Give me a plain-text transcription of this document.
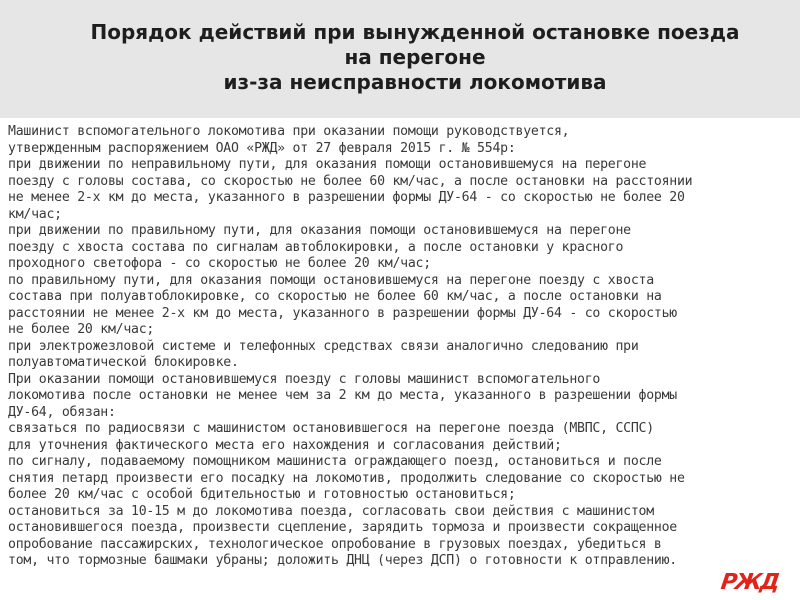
Порядок действий при вынужденной остановке поезда
на перегоне
из-за неисправности локомотива
Машинист вспомогательного локомотива при оказании помощи руководствуется,
утвержденным распоряжением ОАО «РЖД» от 27 февраля 2015 г. № 554р:
при движении по неправильному пути, для оказания помощи остановившемуся на перегоне
поезду с головы состава, со скоростью не более 60 км/час, а после остановки на расстоянии
не менее 2-х км до места, указанного в разрешении формы ДУ-64 - со скоростью не более 20
км/час;
при движении по правильному пути, для оказания помощи остановившемуся на перегоне
поезду с хвоста состава по сигналам автоблокировки, а после остановки у красного
проходного светофора - со скоростью не более 20 км/час;
по правильному пути, для оказания помощи остановившемуся на перегоне поезду с хвоста
состава при полуавтоблокировке, со скоростью не более 60 км/час, а после остановки на
расстоянии не менее 2-х км до места, указанного в разрешении формы ДУ-64 - со скоростью
не более 20 км/час;
при электрожезловой системе и телефонных средствах связи аналогично следованию при
полуавтоматической блокировке.
При оказании помощи остановившемуся поезду с головы машинист вспомогательного
локомотива после остановки не менее чем за 2 км до места, указанного в разрешении формы
ДУ-64, обязан:
связаться по радиосвязи с машинистом остановившегося на перегоне поезда (МВПС, ССПС)
для уточнения фактического места его нахождения и согласования действий;
по сигналу, подаваемому помощником машиниста ограждающего поезд, остановиться и после
снятия петард произвести его посадку на локомотив, продолжить следование со скоростью не
более 20 км/час с особой бдительностью и готовностью остановиться;
остановиться за 10-15 м до локомотива поезда, согласовать свои действия с машинистом
остановившегося поезда, произвести сцепление, зарядить тормоза и произвести сокращенное
опробование пассажирских, технологическое опробование в грузовых поездах, убедиться в
том, что тормозные башмаки убраны; доложить ДНЦ (через ДСП) о готовности к отправлению.
РЖД
